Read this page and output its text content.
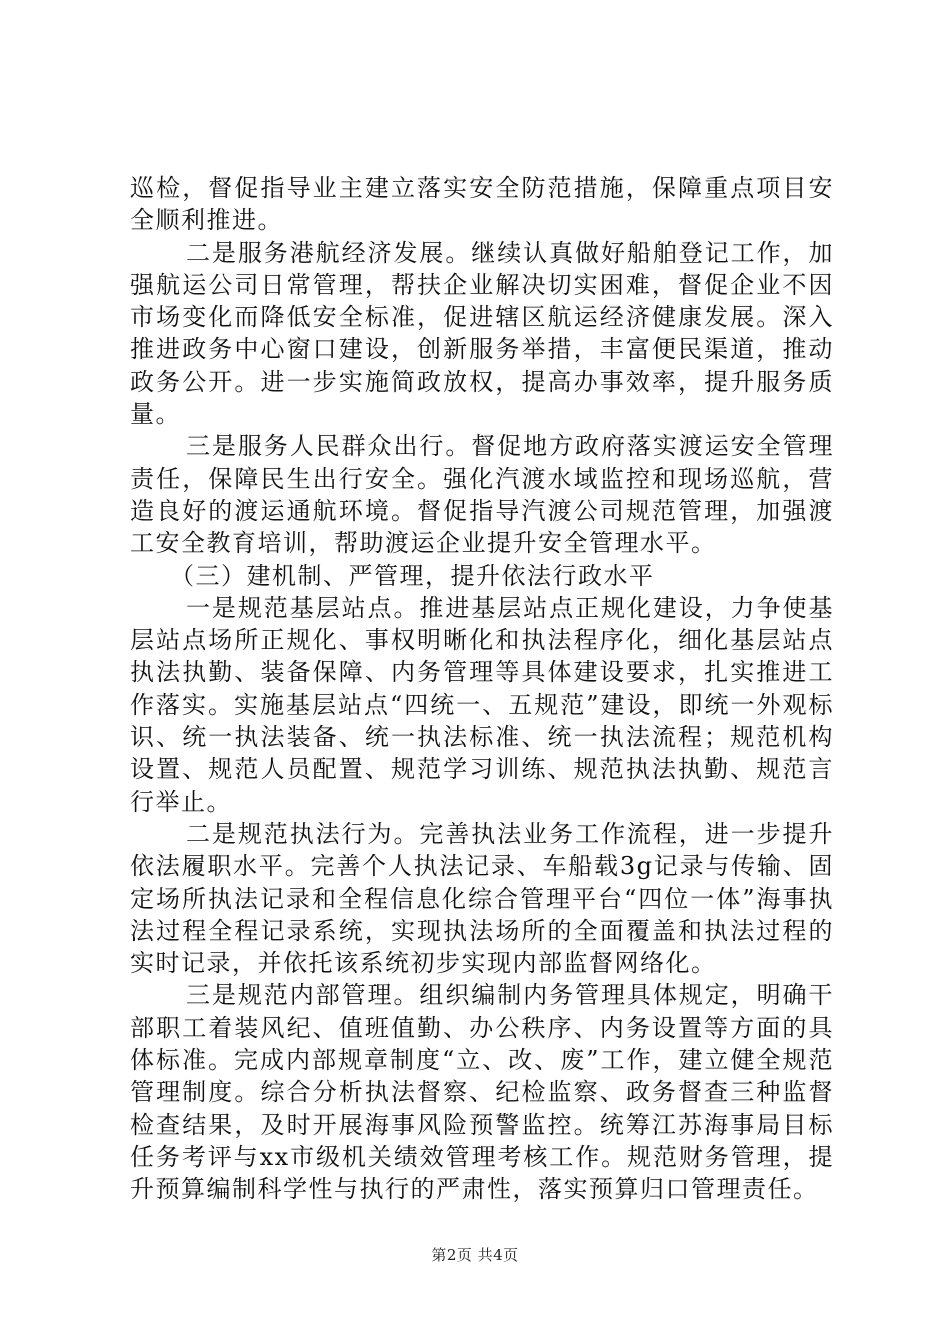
巡检，督促指导业主建立落实安全防范措施，保障重点项目安全顺利推进。

二是服务港航经济发展。继续认真做好船舶登记工作，加强航运公司日常管理，帮扶企业解决切实困难，督促企业不因市场变化而降低安全标准，促进辖区航运经济健康发展。深入推进政务中心窗口建设，创新服务举措，丰富便民渠道，推动政务公开。进一步实施简政放权，提高办事效率，提升服务质量。

三是服务人民群众出行。督促地方政府落实渡运安全管理责任，保障民生出行安全。强化汽渡水域监控和现场巡航，营造良好的渡运通航环境。督促指导汽渡公司规范管理，加强渡工安全教育培训，帮助渡运企业提升安全管理水平。

（三）建机制、严管理，提升依法行政水平

一是规范基层站点。推进基层站点正规化建设，力争使基层站点场所正规化、事权明晰化和执法程序化，细化基层站点执法执勤、装备保障、内务管理等具体建设要求，扎实推进工作落实。实施基层站点“四统一、五规范”建设，即统一外观标识、统一执法装备、统一执法标准、统一执法流程；规范机构设置、规范人员配置、规范学习训练、规范执法执勤、规范言行举止。

二是规范执法行为。完善执法业务工作流程，进一步提升依法履职水平。完善个人执法记录、车船载3g记录与传输、固定场所执法记录和全程信息化综合管理平台“四位一体”海事执法过程全程记录系统，实现执法场所的全面覆盖和执法过程的实时记录，并依托该系统初步实现内部监督网络化。

三是规范内部管理。组织编制内务管理具体规定，明确干部职工着装风纪、值班值勤、办公秩序、内务设置等方面的具体标准。完成内部规章制度“立、改、废”工作，建立健全规范管理制度。综合分析执法督察、纪检监察、政务督查三种监督检查结果，及时开展海事风险预警监控。统筹江苏海事局目标任务考评与xx市级机关绩效管理考核工作。规范财务管理，提升预算编制科学性与执行的严肃性，落实预算归口管理责任。

第2页 共4页
